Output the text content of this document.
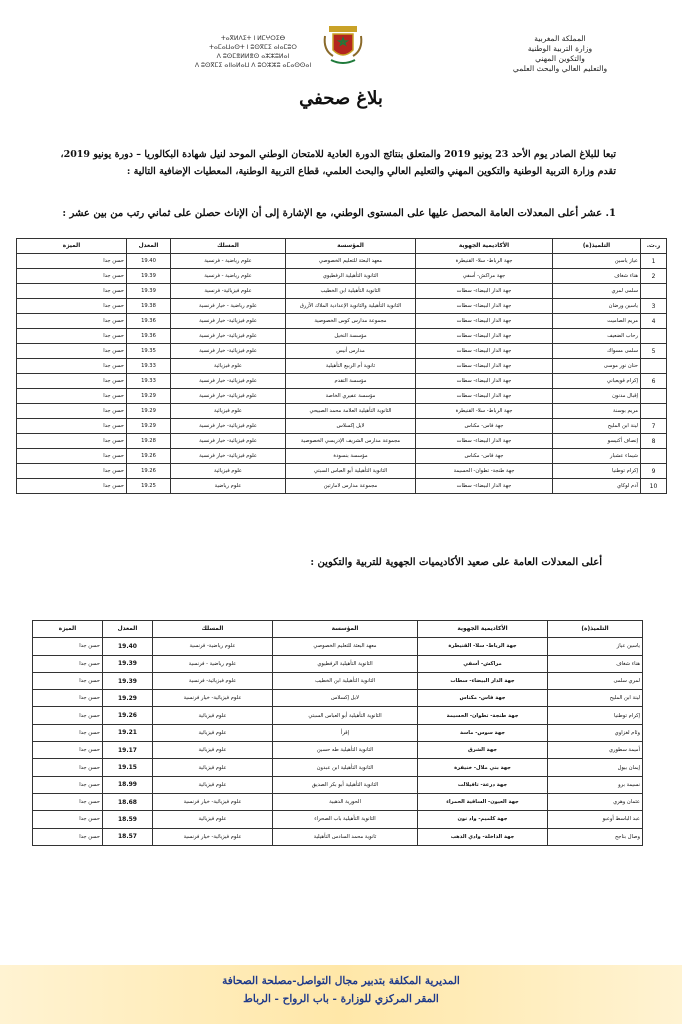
المملكة المغربية
وزارة التربية الوطنية
والتكوين المهني
والتعليم العالي والبحث العلمي
ⵜⴰⴳⵍⴷⵉⵜ ⵏ ⵍⵎⵖⵔⵉⴱ
ⵜⴰⵎⴰⵡⴰⵙⵜ ⵏ ⵓⵙⴳⵎⵉ ⴰⵏⴰⵎⵓⵔ
ⴷ ⵓⵙⵎⴻⵍⵍⴻⵙ ⴰⵣⵣⵓⵍⴰⵏ
ⴷ ⵓⵙⴳⵎⵉ ⴰⵏⵏⴰⵍⴰⵡ ⴷ ⵓⵔⵣⵣⵓ ⴰⵎⴰⵙⵙⴰⵏ
بلاغ صحفي

تبعا للبلاغ الصادر يوم الأحد 23 يونيو 2019 والمتعلق بنتائج الدورة العادية للامتحان الوطني الموحد لنيل شهادة البكالوريا – دورة يونيو 2019،

تقدم وزارة التربية الوطنية والتكوين المهني والتعليم العالي والبحث العلمي، قطاع التربية الوطنية، المعطيات الإضافية التالية :

1. عشر أعلى المعدلات العامة المحصل عليها على المستوى الوطني، مع الإشارة إلى أن الإناث حصلن على ثماني رتب من بين عشر :
ر.ت.	التلميذ(ة)	الأكاديمية الجهوية	المؤسسة	المسلك	المعدل	الميزة
1	عياز ياسين	جهة الرباط- سلا- القنيطرة	معهد البعثة للتعليم الخصوصي	علوم رياضية - فرنسية	19.40	حسن جدا
2	هناء شغاف	جهة مراكش- أسفي	الثانوية التأهيلية الرفطيوي	علوم رياضية - فرنسية	19.39	حسن جدا
	سلمى لمري	جهة الدار البيضاء- سطات	الثانوية التأهيلية ابن الخطيب	علوم فيزيائية- فرنسية	19.39	حسن جدا
3	ياسين ورضان	جهة الدار البيضاء- سطات	الثانوية التأهيلية والثانوية الإعدادية الملاك الأزرق	علوم رياضية - خيار فرنسية	19.38	حسن جدا
4	مريم الصاميت	جهة الدار البيضاء- سطات	مجموعة مدارس كوس الخصوصية	علوم فيزيائية- خيار فرنسية	19.36	حسن جدا
	رحاب الضعيف	جهة الدار البيضاء- سطات	مؤسسة النخيل	علوم فيزيائية- خيار فرنسية	19.36	حسن جدا
5	سلمى مسواك	جهة الدار البيضاء- سطات	مدارس أنيس	علوم فيزيائية- خيار فرنسية	19.35	حسن جدا
	حنان نور موسى	جهة الدار البيضاء- سطات	ثانوية أم الربيع التأهيلية	علوم فيزيائية	19.33	حسن جدا
6	إكرام قويعباني	جهة الدار البيضاء- سطات	مؤسسة التقدم	علوم فيزيائية- خيار فرنسية	19.33	حسن جدا
	إقبال مدنون	جهة الدار البيضاء- سطات	مؤسسة عفيري الخاصة	علوم فيزيائية- خيار فرنسية	19.29	حسن جدا
	مريم بوسنة	جهة الرباط- سلا- القنيطرة	الثانوية التأهيلية العلامة محمد الصبيحي	علوم فيزيائية	19.29	حسن جدا
7	لينة ابن المليح	جهة فاس- مكناس	لايل إكسلاس	علوم فيزيائية- خيار فرنسية	19.29	حسن جدا
8	إنصاف أكنيسو	جهة الدار البيضاء- سطات	مجموعة مدارس الشريف الإدريسي الخصوصية	علوم فيزيائية- خيار فرنسية	19.28	حسن جدا
	شيماء عشبار	جهة فاس- مكناس	مؤسسة بنسودة	علوم فيزيائية- خيار فرنسية	19.26	حسن جدا
9	إكرام توطنيا	جهة طنجة- تطوان- الحسيمة	الثانوية التأهيلية أبو العباس السبتي	علوم فيزيائية	19.26	حسن جدا
10	آدم لوكاي	جهة الدار البيضاء- سطات	مجموعة مدارس لامارتين	علوم رياضية	19.25	حسن جدا
أعلى المعدلات العامة على صعيد الأكاديميات الجهوية للتربية والتكوين :
التلميذ(ة)	الأكاديمية الجهوية	المؤسسة	المسلك	المعدل	الميزة
ياسين عياز	جهة الرباط- سلا- القنيطرة	معهد البعثة للتعليم الخصوصي	علوم رياضية- فرنسية	19.40	حسن جدا
هناء شغاف	مراكش- أسفي	الثانوية التأهيلية الرفطيوي	علوم رياضية - فرنسية	19.39	حسن جدا
لمري سلمى	جهة الدار البيضاء- سطات	الثانوية التأهيلية ابن الخطيب	علوم فيزيائية- فرنسية	19.39	حسن جدا
لينة ابن المليح	جهة فاس- مكناس	لايل إكسلاس	علوم فيزيائية- خيار فرنسية	19.29	حسن جدا
إكرام توطنيا	جهة طنجة- تطوان- الحسيمة	الثانوية التأهيلية أبو العباس السبتي	علوم فيزيائية	19.26	حسن جدا
وئام لغزاوي	جهة سوس- ماسة	إقرأ	علوم فيزيائية	19.21	حسن جدا
أميمة سطوري	جهة الشرق	الثانوية التأهيلية طه حسين	علوم فيزيائية	19.17	حسن جدا
إيمان بيول	جهة بني ملال- خنيفرة	الثانوية التأهيلية ابن عبدون	علوم فيزيائية	19.15	حسن جدا
نسيمة برو	جهة درعة- تافيلالت	الثانوية التأهيلية أبو بكر الصديق	علوم فيزيائية	18.99	حسن جدا
عثمان وهري	جهة العيون- الساقية الحمراء	الحورية الذهبية	علوم فيزيائية- خيار فرنسية	18.68	حسن جدا
عبد الباسط أوعبو	جهة كلميم- واد نون	الثانوية التأهيلية باب الصحراء	علوم فيزيائية	18.59	حسن جدا
وصال بناجح	جهة الداخلة- وادي الذهب	ثانوية محمد السادس التأهيلية	علوم فيزيائية- خيار فرنسية	18.57	حسن جدا
المديرية المكلفة بتدبير مجال التواصل-مصلحة الصحافة
المقر المركزي للوزارة - باب الرواح - الرباط
